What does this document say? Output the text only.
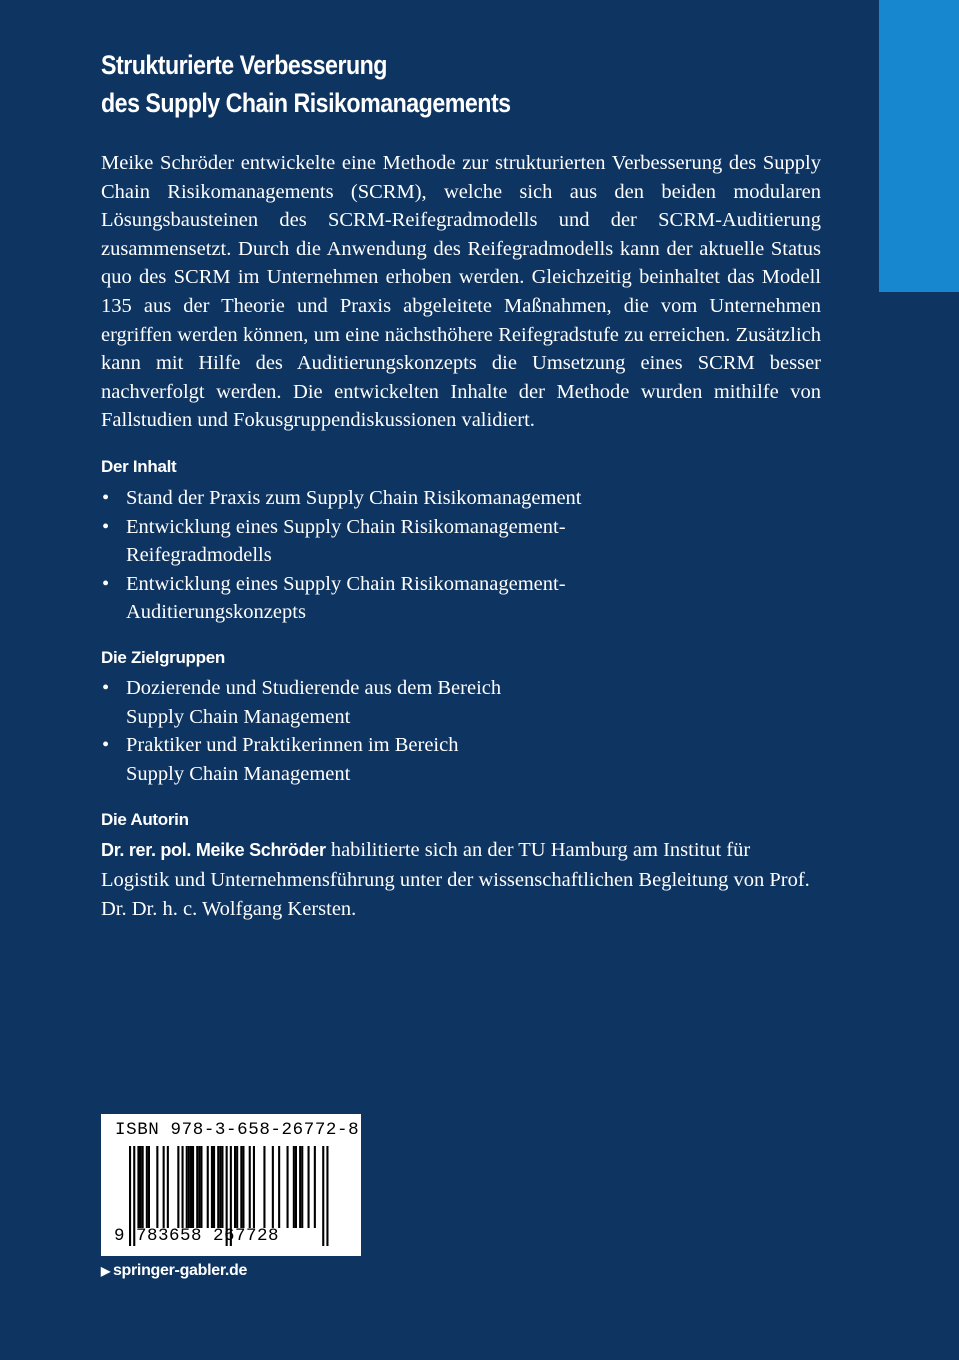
Strukturierte Verbesserung
des Supply Chain Risikomanagements
Meike Schröder entwickelte eine Methode zur strukturierten Verbesserung des Supply Chain Risikomanagements (SCRM), welche sich aus den beiden modularen Lösungsbausteinen des SCRM-Reifegradmodells und der SCRM-Auditierung zusammensetzt. Durch die Anwendung des Reifegradmodells kann der aktuelle Status quo des SCRM im Unternehmen erhoben werden. Gleichzeitig beinhaltet das Modell 135 aus der Theorie und Praxis abgeleitete Maßnahmen, die vom Unternehmen ergriffen werden können, um eine nächsthöhere Reifegradstufe zu erreichen. Zusätzlich kann mit Hilfe des Auditierungskonzepts die Umsetzung eines SCRM besser nachverfolgt werden. Die entwickelten Inhalte der Methode wurden mithilfe von Fallstudien und Fokusgruppendiskussionen validiert.
Der Inhalt
• Stand der Praxis zum Supply Chain Risikomanagement
• Entwicklung eines Supply Chain Risikomanagement-
Reifegradmodells
• Entwicklung eines Supply Chain Risikomanagement-
Auditierungskonzepts
Die Zielgruppen
• Dozierende und Studierende aus dem Bereich
Supply Chain Management
• Praktiker und Praktikerinnen im Bereich
Supply Chain Management
Die Autorin
Dr. rer. pol. Meike Schröder habilitierte sich an der TU Hamburg am Institut für Logistik und Unternehmensführung unter der wissenschaftlichen Begleitung von Prof. Dr. Dr. h. c. Wolfgang Kersten.
ISBN 978-3-658-26772-8
9 783658 267728
▶ springer-gabler.de
